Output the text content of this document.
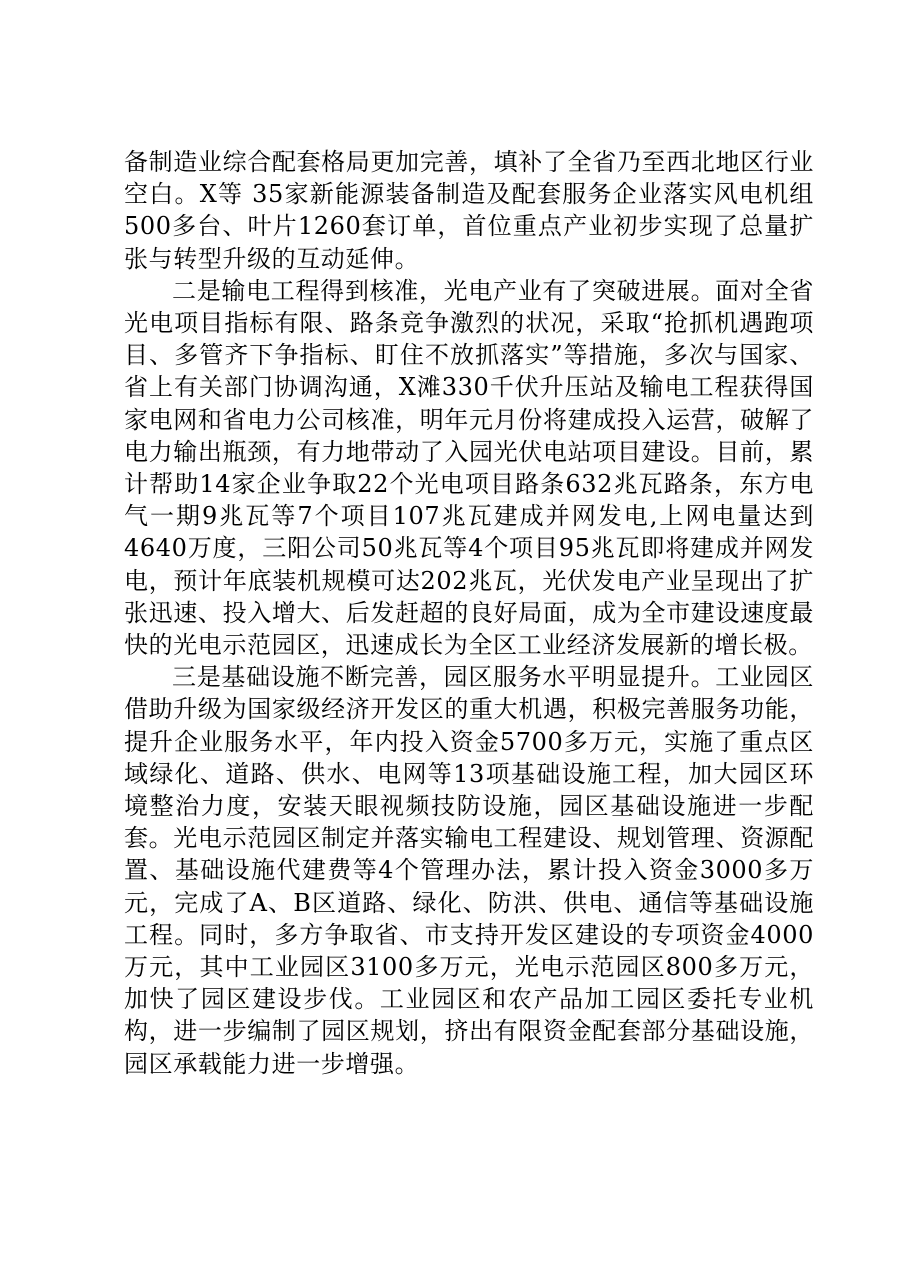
备制造业综合配套格局更加完善，填补了全省乃至西北地区行业空白。X等 35家新能源装备制造及配套服务企业落实风电机组500多台、叶片1260套订单，首位重点产业初步实现了总量扩张与转型升级的互动延伸。

二是输电工程得到核准，光电产业有了突破进展。面对全省光电项目指标有限、路条竞争激烈的状况，采取“抢抓机遇跑项目、多管齐下争指标、盯住不放抓落实”等措施，多次与国家、省上有关部门协调沟通，X滩330千伏升压站及输电工程获得国家电网和省电力公司核准，明年元月份将建成投入运营，破解了电力输出瓶颈，有力地带动了入园光伏电站项目建设。目前，累计帮助14家企业争取22个光电项目路条632兆瓦路条，东方电气一期9兆瓦等7个项目107兆瓦建成并网发电,上网电量达到4640万度，三阳公司50兆瓦等4个项目95兆瓦即将建成并网发电，预计年底装机规模可达202兆瓦，光伏发电产业呈现出了扩张迅速、投入增大、后发赶超的良好局面，成为全市建设速度最快的光电示范园区，迅速成长为全区工业经济发展新的增长极。

三是基础设施不断完善，园区服务水平明显提升。工业园区借助升级为国家级经济开发区的重大机遇，积极完善服务功能，提升企业服务水平，年内投入资金5700多万元，实施了重点区域绿化、道路、供水、电网等13项基础设施工程，加大园区环境整治力度，安装天眼视频技防设施，园区基础设施进一步配套。光电示范园区制定并落实输电工程建设、规划管理、资源配置、基础设施代建费等4个管理办法，累计投入资金3000多万元，完成了A、B区道路、绿化、防洪、供电、通信等基础设施工程。同时，多方争取省、市支持开发区建设的专项资金4000万元，其中工业园区3100多万元，光电示范园区800多万元，加快了园区建设步伐。工业园区和农产品加工园区委托专业机构，进一步编制了园区规划，挤出有限资金配套部分基础设施，园区承载能力进一步增强。
